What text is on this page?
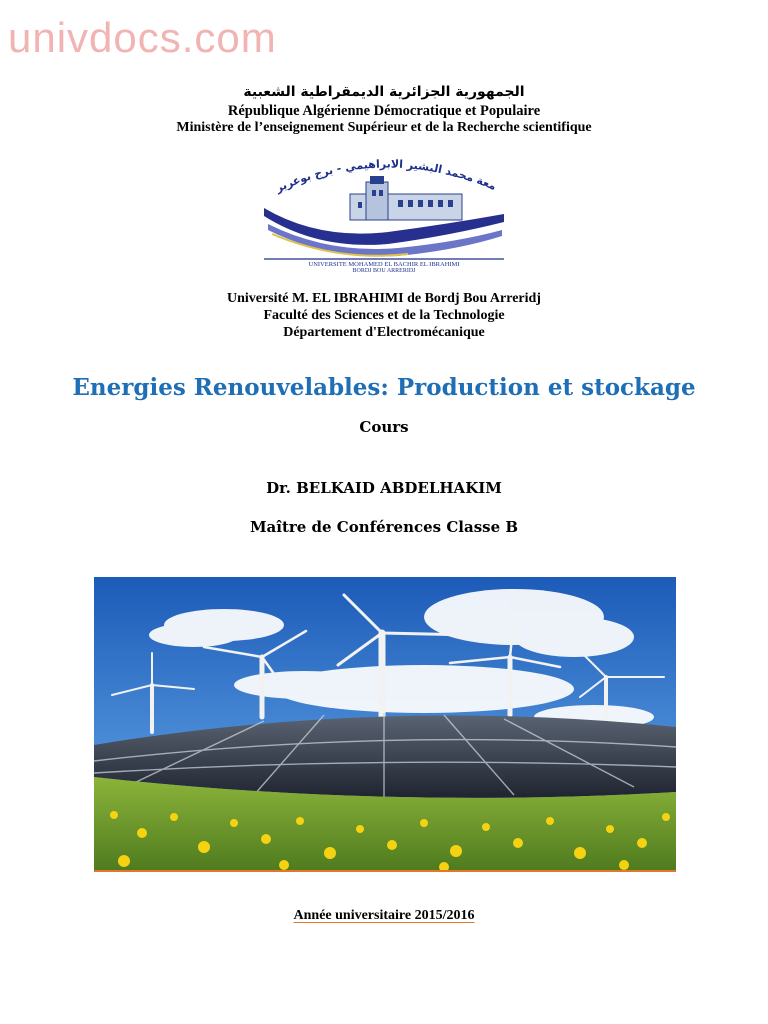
univdocs.com
الجمهورية الجزائرية الديمقراطية الشعبية
République Algérienne Démocratique et Populaire
Ministère de l’enseignement Supérieur et de la Recherche scientifique
معة محمد البشير الابراهيمي - برج بوعرير
UNIVERSITE MOHAMED EL BACHIR EL IBRAHIMI
BORDJ BOU ARRERIDJ
Université M. EL IBRAHIMI de Bordj Bou Arreridj
Faculté des Sciences et de la Technologie
Département d'Electromécanique
Energies Renouvelables: Production et stockage
Cours
Dr. BELKAID ABDELHAKIM
Maître de Conférences Classe B
Année universitaire 2015/2016
